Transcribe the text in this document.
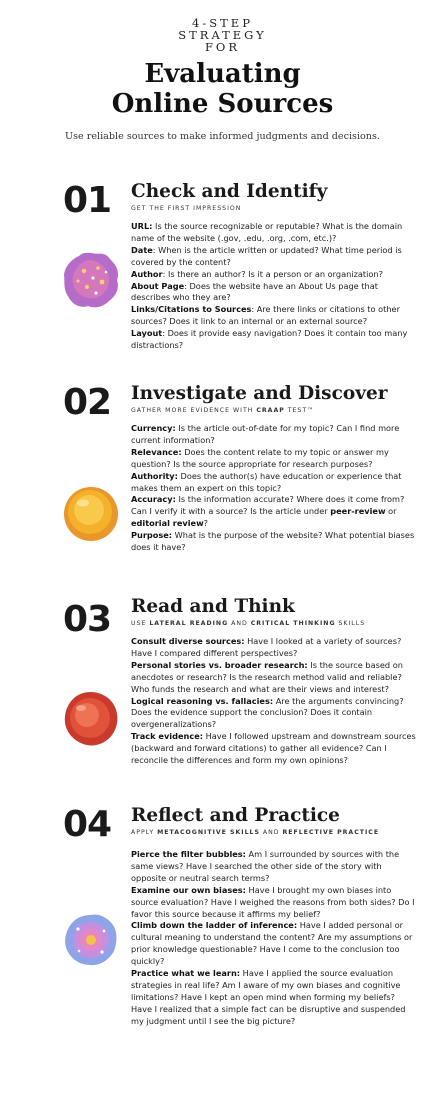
4-STEP
STRATEGY
FOR
Evaluating
Online Sources
Use reliable sources to make informed judgments and decisions.
01 Check and Identify
GET THE FIRST IMPRESSION

URL: Is the source recognizable or reputable? What is the domain name of the website (.gov, .edu, .org, .com, etc.)?

Date: When is the article written or updated? What time period is covered by the content?

Author: Is there an author? Is it a person or an organization?

About Page: Does the website have an About Us page that describes who they are?

Links/Citations to Sources: Are there links or citations to other sources? Does it link to an internal or an external source?

Layout: Does it provide easy navigation? Does it contain too many distractions?

02 Investigate and Discover
GATHER MORE EVIDENCE WITH CRAAP TEST™

Currency: Is the article out-of-date for my topic? Can I find more current information?

Relevance: Does the content relate to my topic or answer my question? Is the source appropriate for research purposes?

Authority: Does the author(s) have education or experience that makes them an expert on this topic?

Accuracy: Is the information accurate? Where does it come from? Can I verify it with a source? Is the article under peer-review or editorial review?

Purpose: What is the purpose of the website? What potential biases does it have?

03 Read and Think
USE LATERAL READING AND CRITICAL THINKING SKILLS

Consult diverse sources: Have I looked at a variety of sources? Have I compared different perspectives?

Personal stories vs. broader research: Is the source based on anecdotes or research? Is the research method valid and reliable? Who funds the research and what are their views and interest?

Logical reasoning vs. fallacies: Are the arguments convincing? Does the evidence support the conclusion? Does it contain overgeneralizations?

Track evidence: Have I followed upstream and downstream sources (backward and forward citations) to gather all evidence? Can I reconcile the differences and form my own opinions?

04 Reflect and Practice
APPLY METACOGNITIVE SKILLS AND REFLECTIVE PRACTICE

Pierce the filter bubbles: Am I surrounded by sources with the same views? Have I searched the other side of the story with opposite or neutral search terms?

Examine our own biases: Have I brought my own biases into source evaluation? Have I weighed the reasons from both sides? Do I favor this source because it affirms my belief?

Climb down the ladder of inference: Have I added personal or cultural meaning to understand the content? Are my assumptions or prior knowledge questionable? Have I come to the conclusion too quickly?

Practice what we learn: Have I applied the source evaluation strategies in real life? Am I aware of my own biases and cognitive limitations? Have I kept an open mind when forming my beliefs? Have I realized that a simple fact can be disruptive and suspended my judgment until I see the big picture?
